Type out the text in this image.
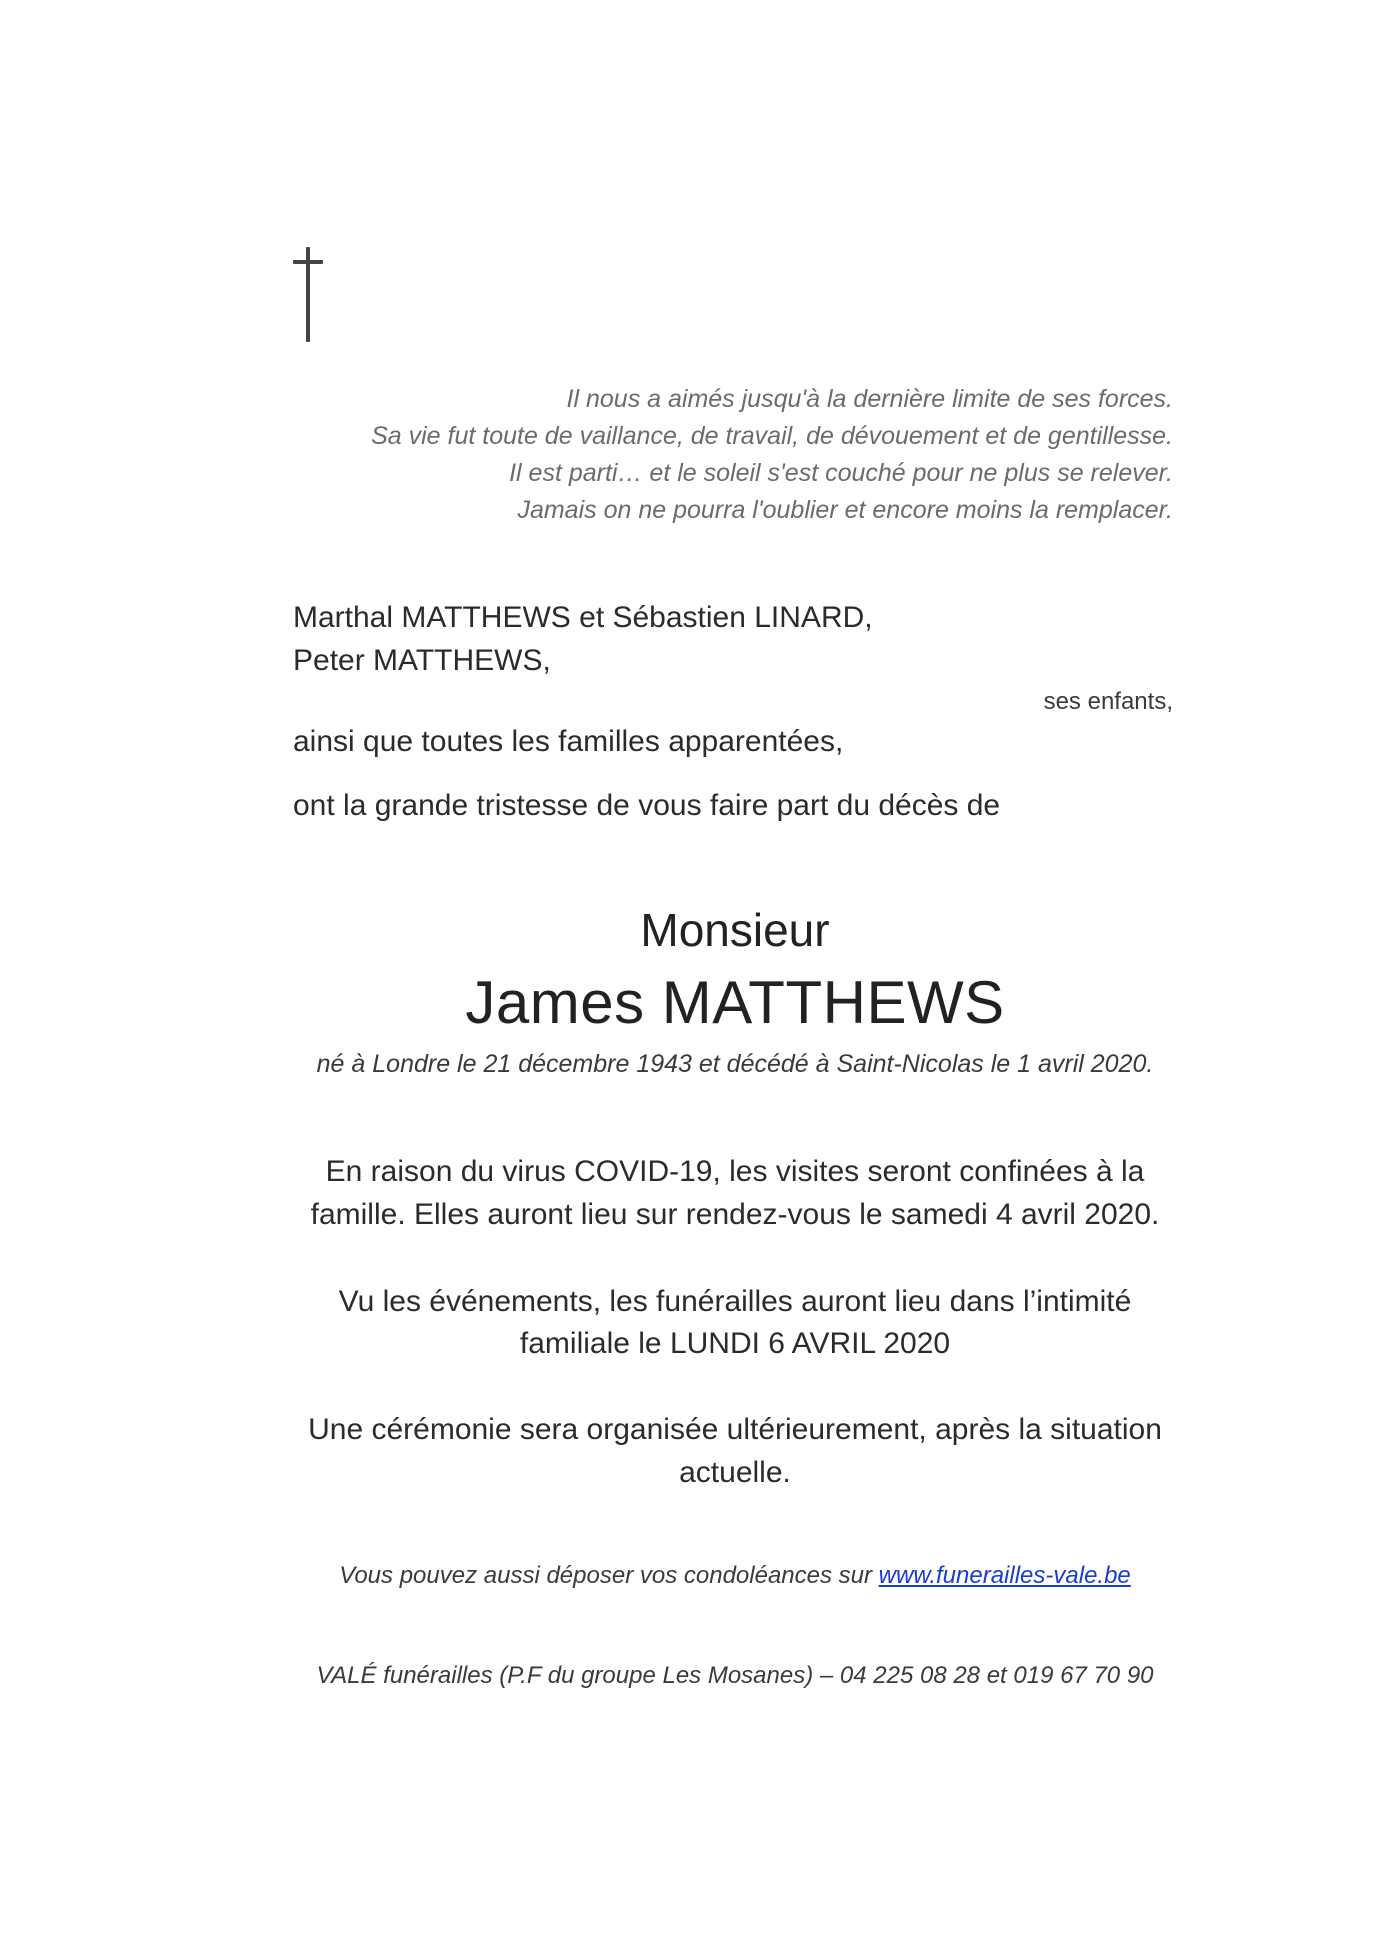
Il nous a aimés jusqu'à la dernière limite de ses forces.
Sa vie fut toute de vaillance, de travail, de dévouement et de gentillesse.
Il est parti… et le soleil s'est couché pour ne plus se relever.
Jamais on ne pourra l'oublier et encore moins la remplacer.
Marthal MATTHEWS et Sébastien LINARD,
Peter MATTHEWS,
ses enfants,
ainsi que toutes les familles apparentées,
ont la grande tristesse de vous faire part du décès de
Monsieur
James MATTHEWS
né à Londre le 21 décembre 1943 et décédé à Saint-Nicolas le 1 avril 2020.
En raison du virus COVID-19, les visites seront confinées à la
famille. Elles auront lieu sur rendez-vous le samedi 4 avril 2020.
Vu les événements, les funérailles auront lieu dans l’intimité
familiale le LUNDI 6 AVRIL 2020
Une cérémonie sera organisée ultérieurement, après la situation
actuelle.
Vous pouvez aussi déposer vos condoléances sur www.funerailles-vale.be
VALÉ funérailles (P.F du groupe Les Mosanes) – 04 225 08 28 et 019 67 70 90
